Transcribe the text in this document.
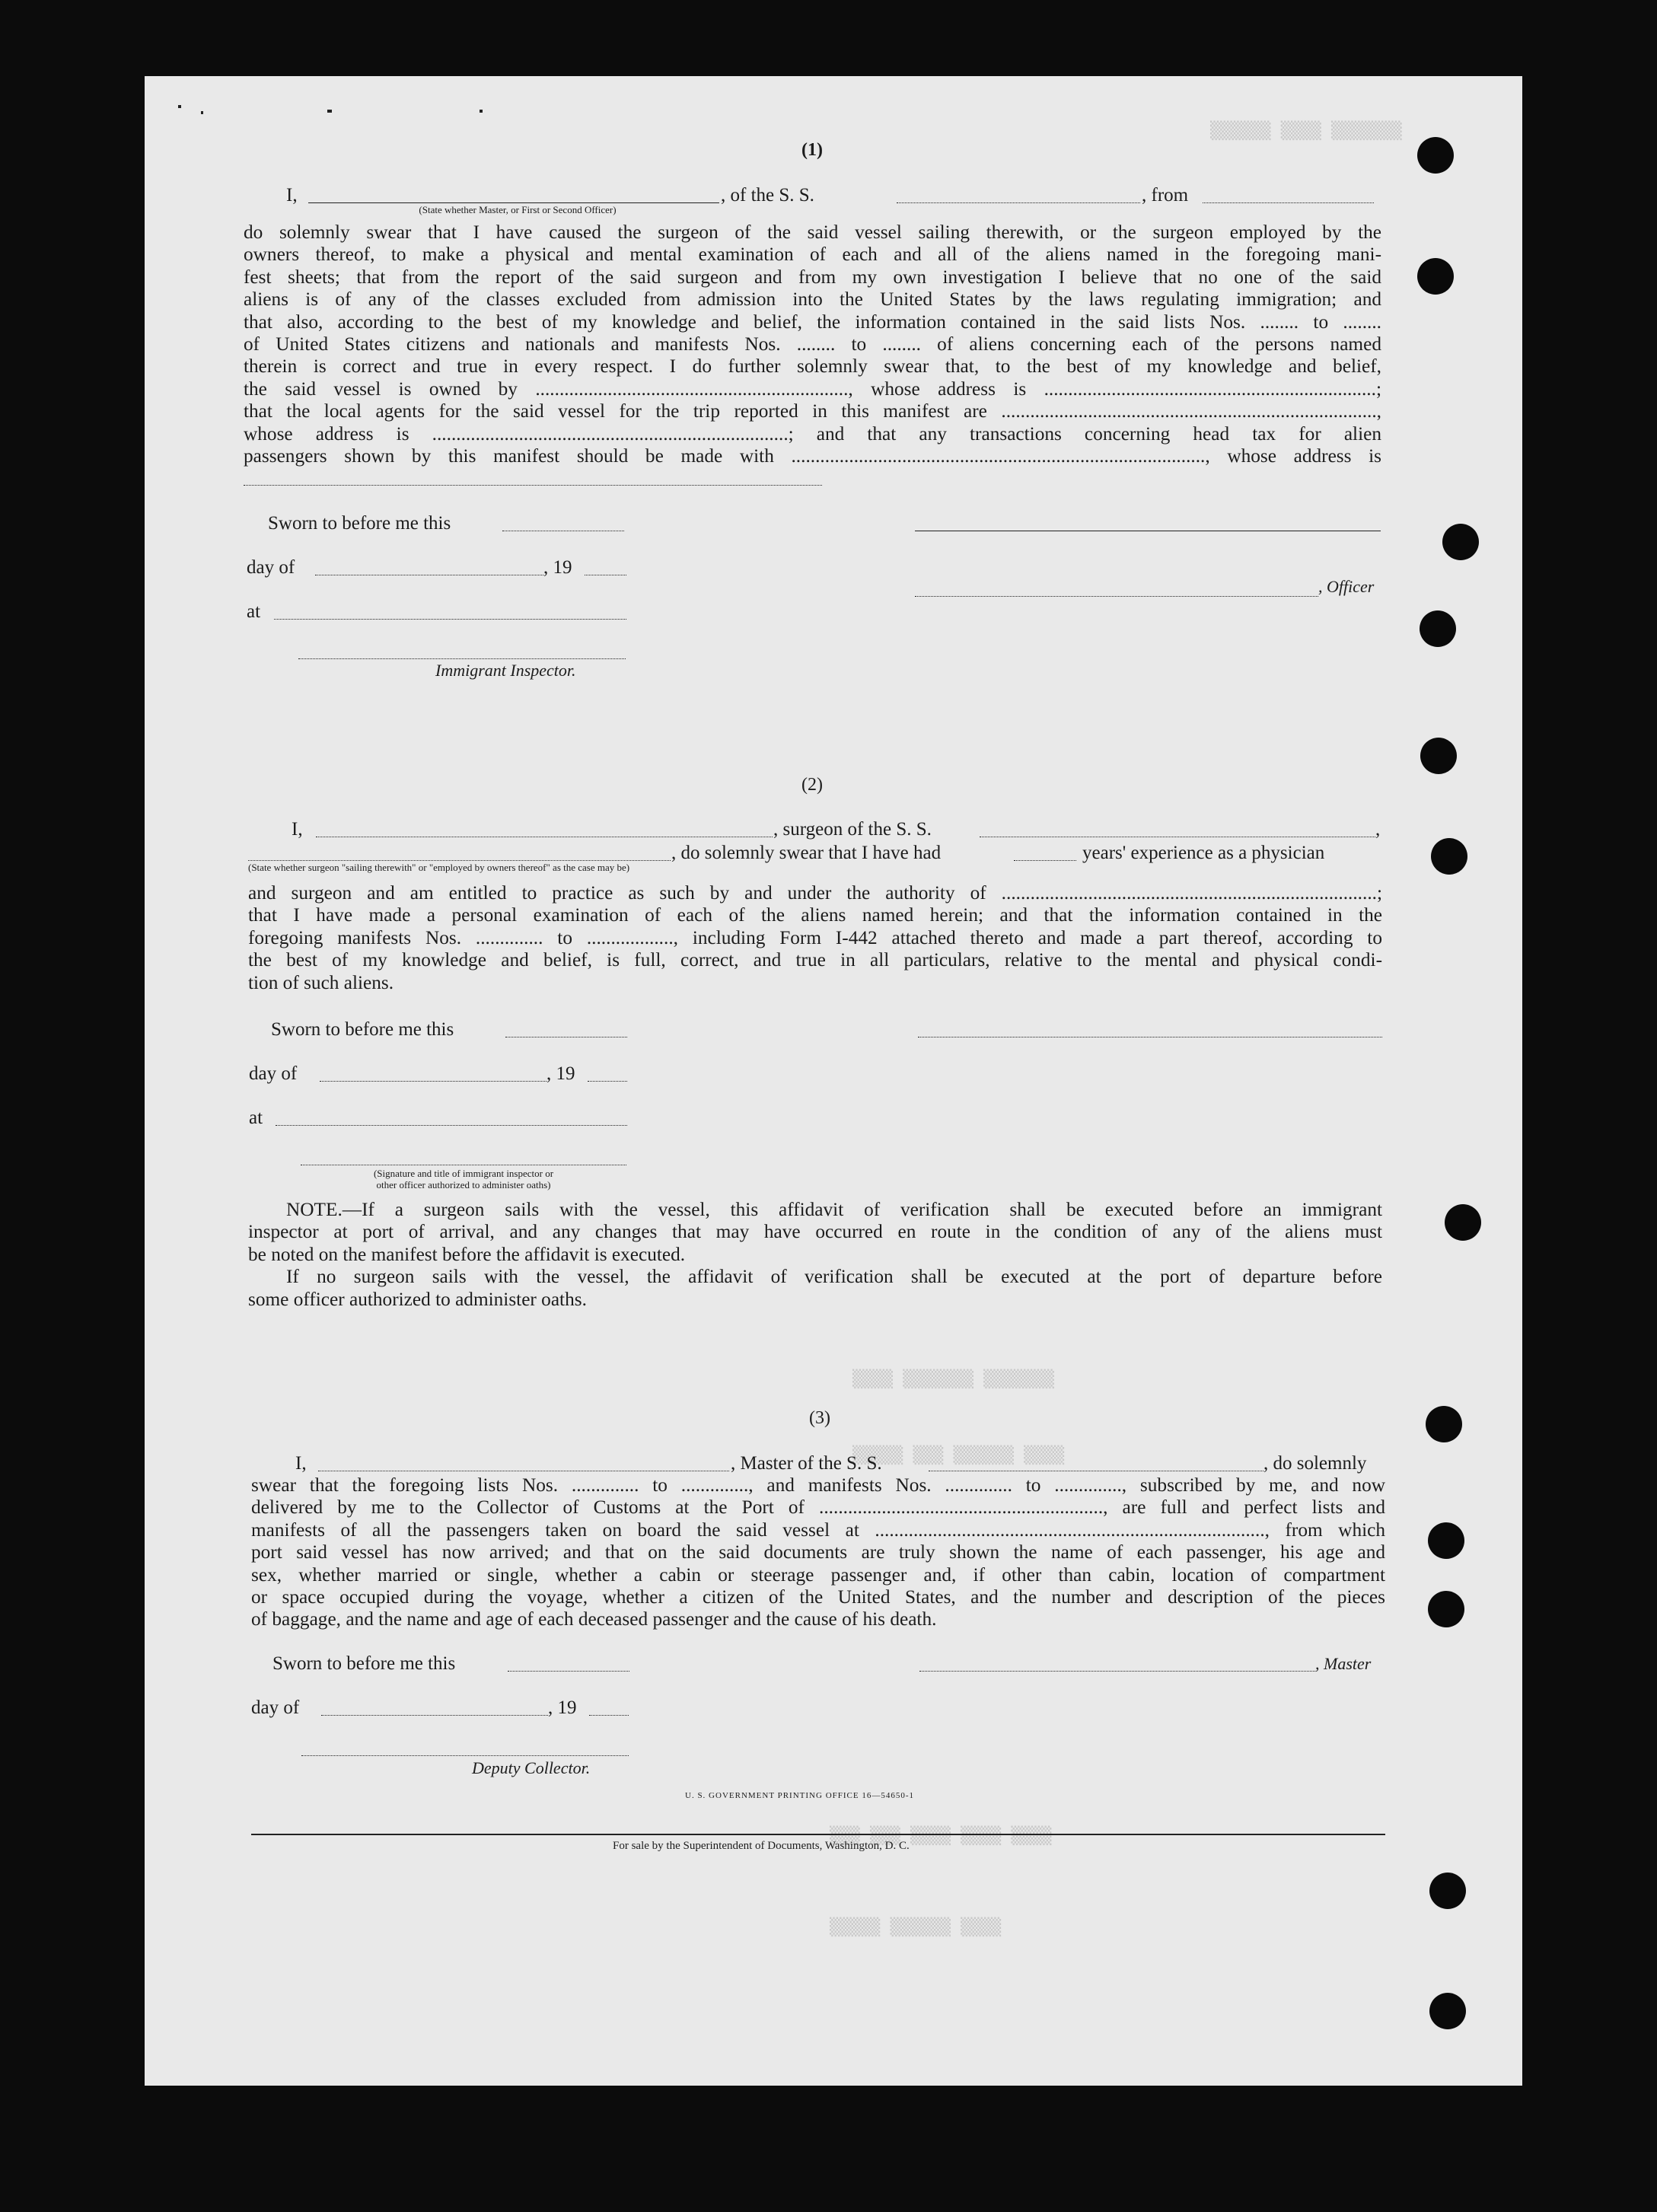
▒▒▒▒▒▒ ▒▒▒▒ ▒▒▒▒▒▒▒
▒▒▒▒ ▒▒▒▒▒▒▒ ▒▒▒▒▒▒▒
▒▒▒▒▒ ▒▒▒ ▒▒▒▒▒▒ ▒▒▒▒
▒▒▒ ▒▒▒ ▒▒▒▒ ▒▒▒▒ ▒▒▒▒
▒▒▒▒▒ ▒▒▒▒▒▒ ▒▒▒▒
(1)
I,	, of the S. S.	, from
(State whether Master, or First or Second Officer)
do solemnly swear that I have caused the surgeon of the said vessel sailing therewith, or the surgeon employed by the
owners thereof, to make a physical and mental examination of each and all of the aliens named in the foregoing mani-
fest sheets; that from the report of the said surgeon and from my own investigation I believe that no one of the said
aliens is of any of the classes excluded from admission into the United States by the laws regulating immigration; and
that also, according to the best of my knowledge and belief, the information contained in the said lists Nos. ........ to ........
of United States citizens and nationals and manifests Nos. ........ to ........ of aliens concerning each of the persons named
therein is correct and true in every respect. I do further solemnly swear that, to the best of my knowledge and belief,
the said vessel is owned by ................................................................., whose address is .....................................................................;
that the local agents for the said vessel for the trip reported in this manifest are ..............................................................................,
whose address is ..........................................................................; and that any transactions concerning head tax for alien
passengers shown by this manifest should be made with ......................................................................................, whose address is
Sworn to before me this
day of	, 19
at
Immigrant Inspector.
, Officer
(2)
I,	, surgeon of the S. S.	,
, do solemnly swear that I have had	years' experience as a physician
(State whether surgeon "sailing therewith" or "employed by owners thereof" as the case may be)
and surgeon and am entitled to practice as such by and under the authority of ..............................................................................;
that I have made a personal examination of each of the aliens named herein; and that the information contained in the
foregoing manifests Nos. .............. to .................., including Form I-442 attached thereto and made a part thereof, according to
the best of my knowledge and belief, is full, correct, and true in all particulars, relative to the mental and physical condi-
tion of such aliens.
Sworn to before me this
day of	, 19
at
(Signature and title of immigrant inspector or
other officer authorized to administer oaths)
NOTE.—If a surgeon sails with the vessel, this affidavit of verification shall be executed before an immigrant
inspector at port of arrival, and any changes that may have occurred en route in the condition of any of the aliens must
be noted on the manifest before the affidavit is executed.
If no surgeon sails with the vessel, the affidavit of verification shall be executed at the port of departure before
some officer authorized to administer oaths.
(3)
I,	, Master of the S. S.	, do solemnly
swear that the foregoing lists Nos. .............. to .............., and manifests Nos. .............. to .............., subscribed by me, and now
delivered by me to the Collector of Customs at the Port of ..........................................................., are full and perfect lists and
manifests of all the passengers taken on board the said vessel at ................................................................................., from which
port said vessel has now arrived; and that on the said documents are truly shown the name of each passenger, his age and
sex, whether married or single, whether a cabin or steerage passenger and, if other than cabin, location of compartment
or space occupied during the voyage, whether a citizen of the United States, and the number and description of the pieces
of baggage, and the name and age of each deceased passenger and the cause of his death.
Sworn to before me this	, Master
day of	, 19
Deputy Collector.
U. S. GOVERNMENT PRINTING OFFICE 16—54650-1
For sale by the Superintendent of Documents, Washington, D. C.
